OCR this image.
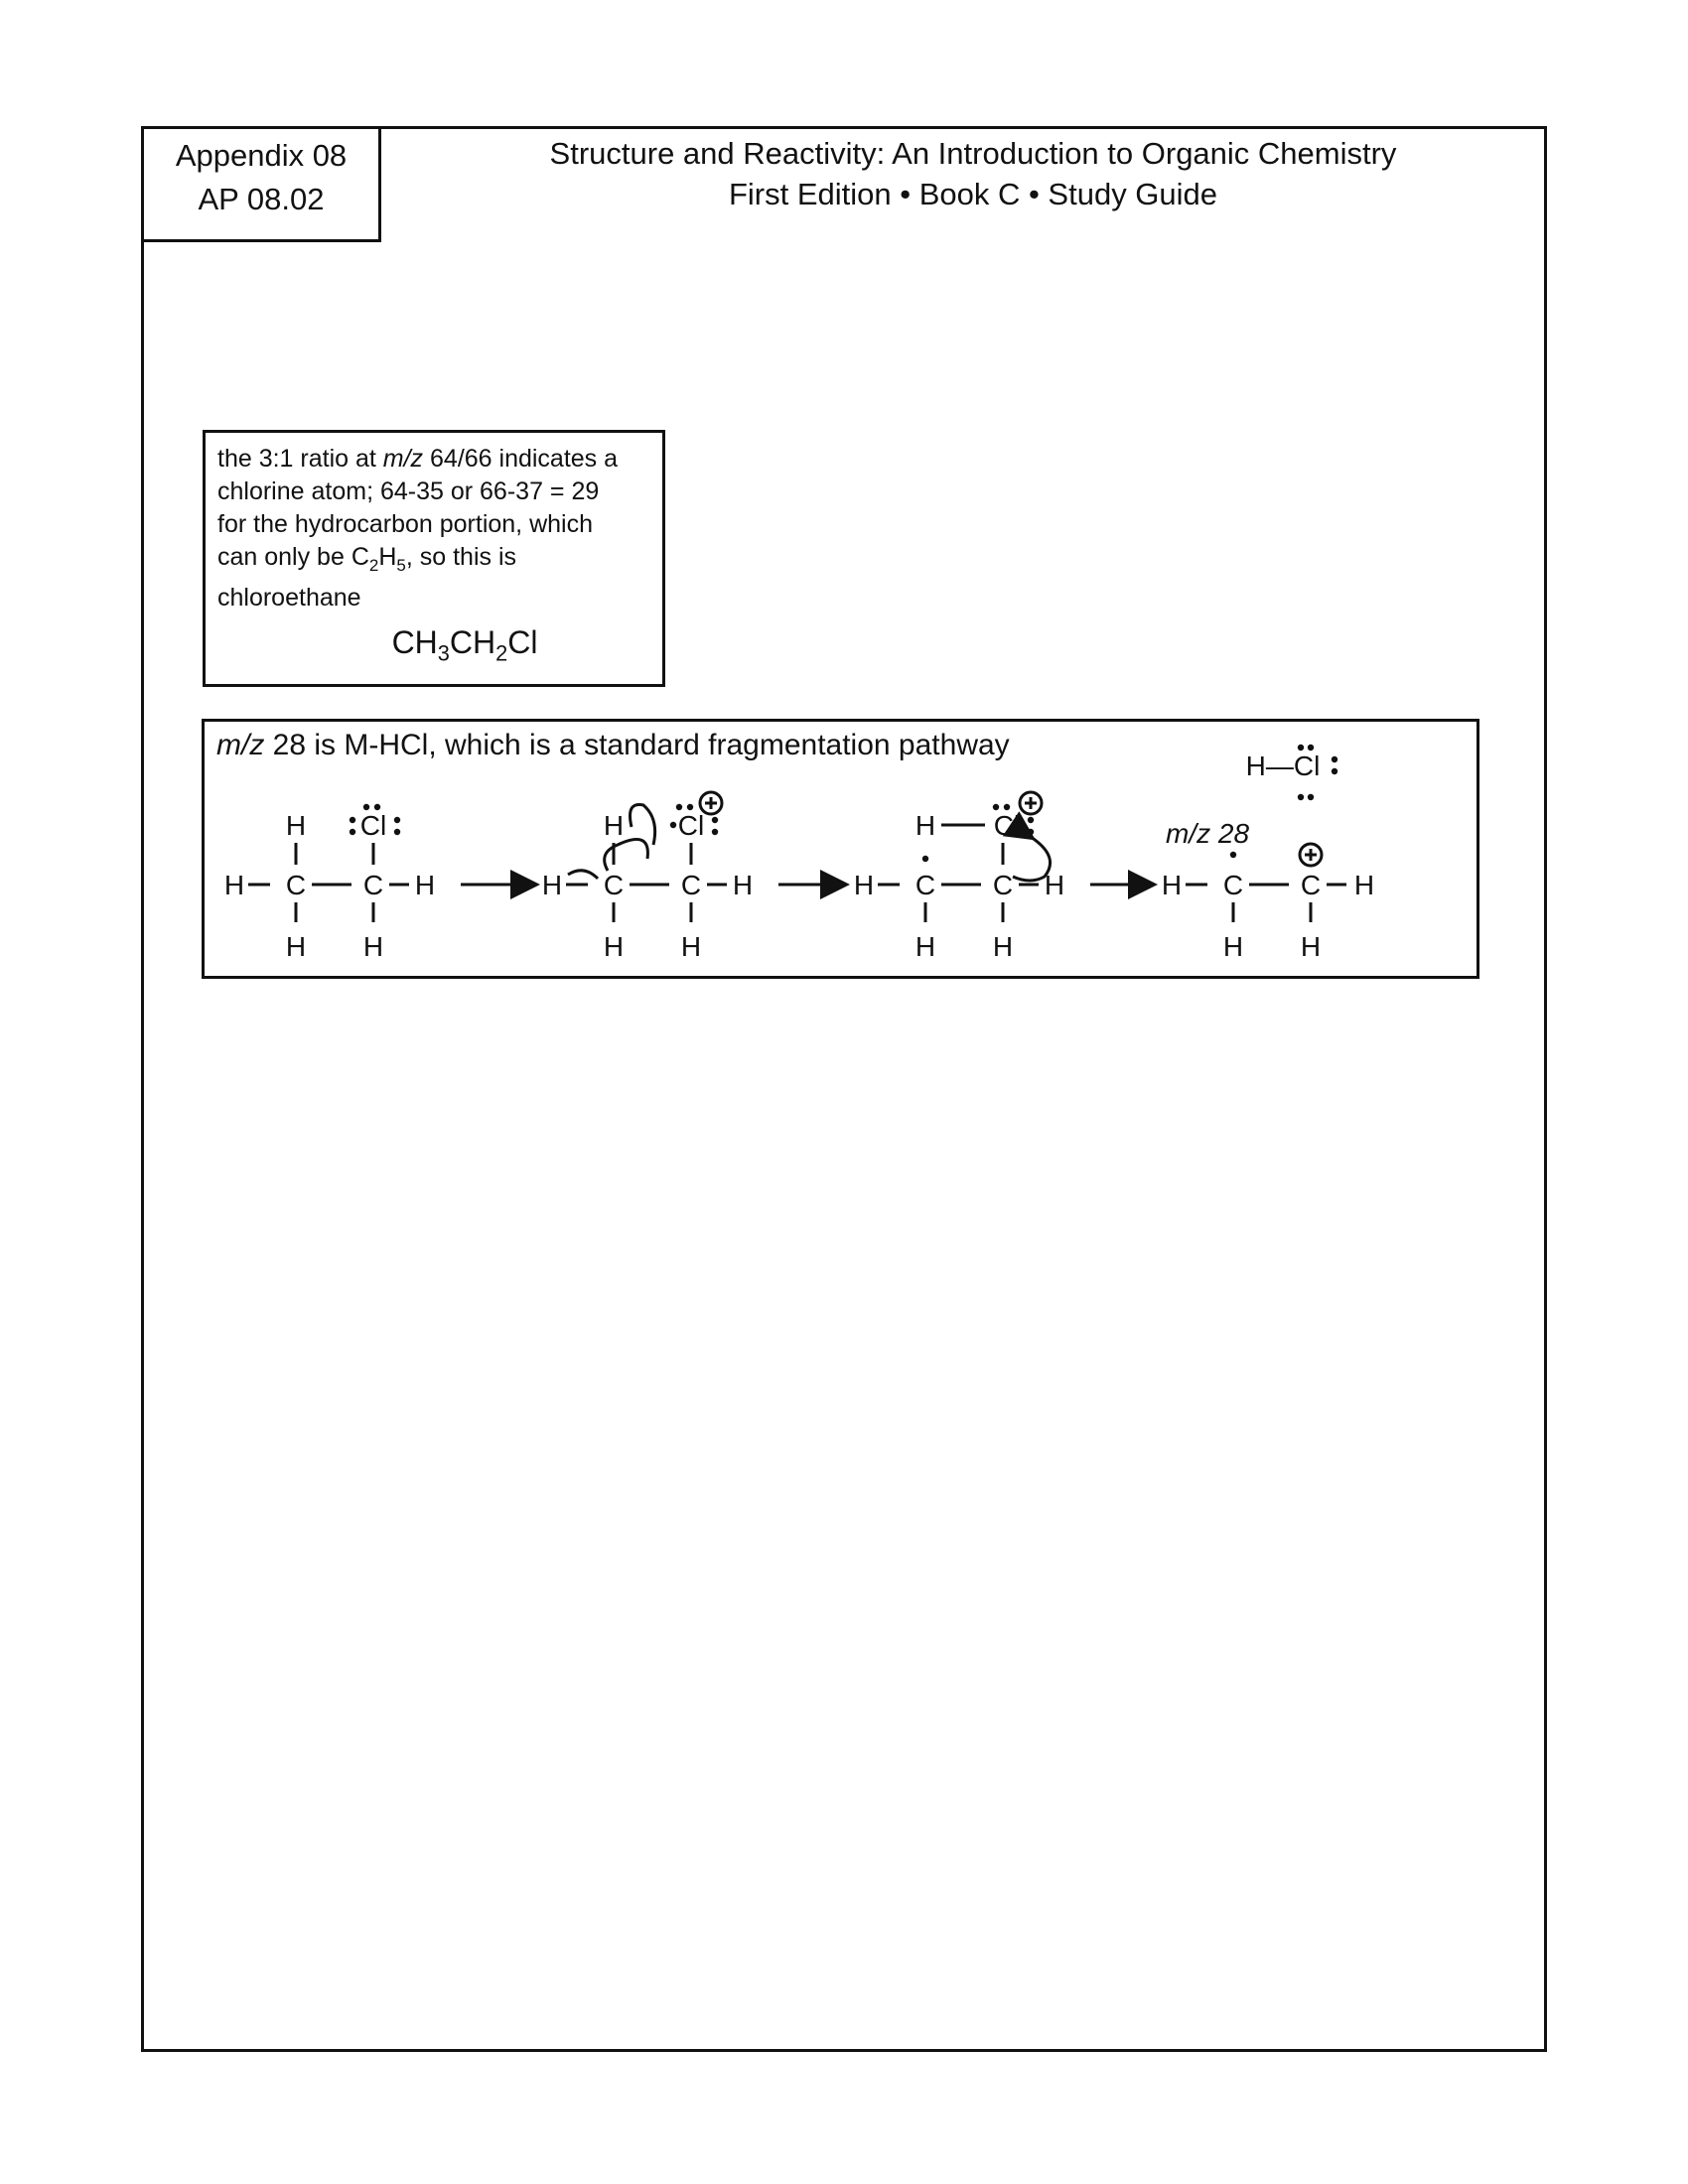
Appendix 08
AP 08.02
Structure and Reactivity: An Introduction to Organic Chemistry
First Edition • Book C • Study Guide
the 3:1 ratio at m/z 64/66 indicates a
chlorine atom; 64-35 or 66-37 = 29
for the hydrocarbon portion, which
can only be $C_2H_5$, so this is
chloroethane
$CH_3CH_2Cl$
m/z 28 is M-HCl, which is a standard fragmentation pathway
H C C H
H Cl
H H
H C C H
H Cl
H H
H C C H
H Cl
H
H
H C C H
H H
m/z 28
H—Cl
